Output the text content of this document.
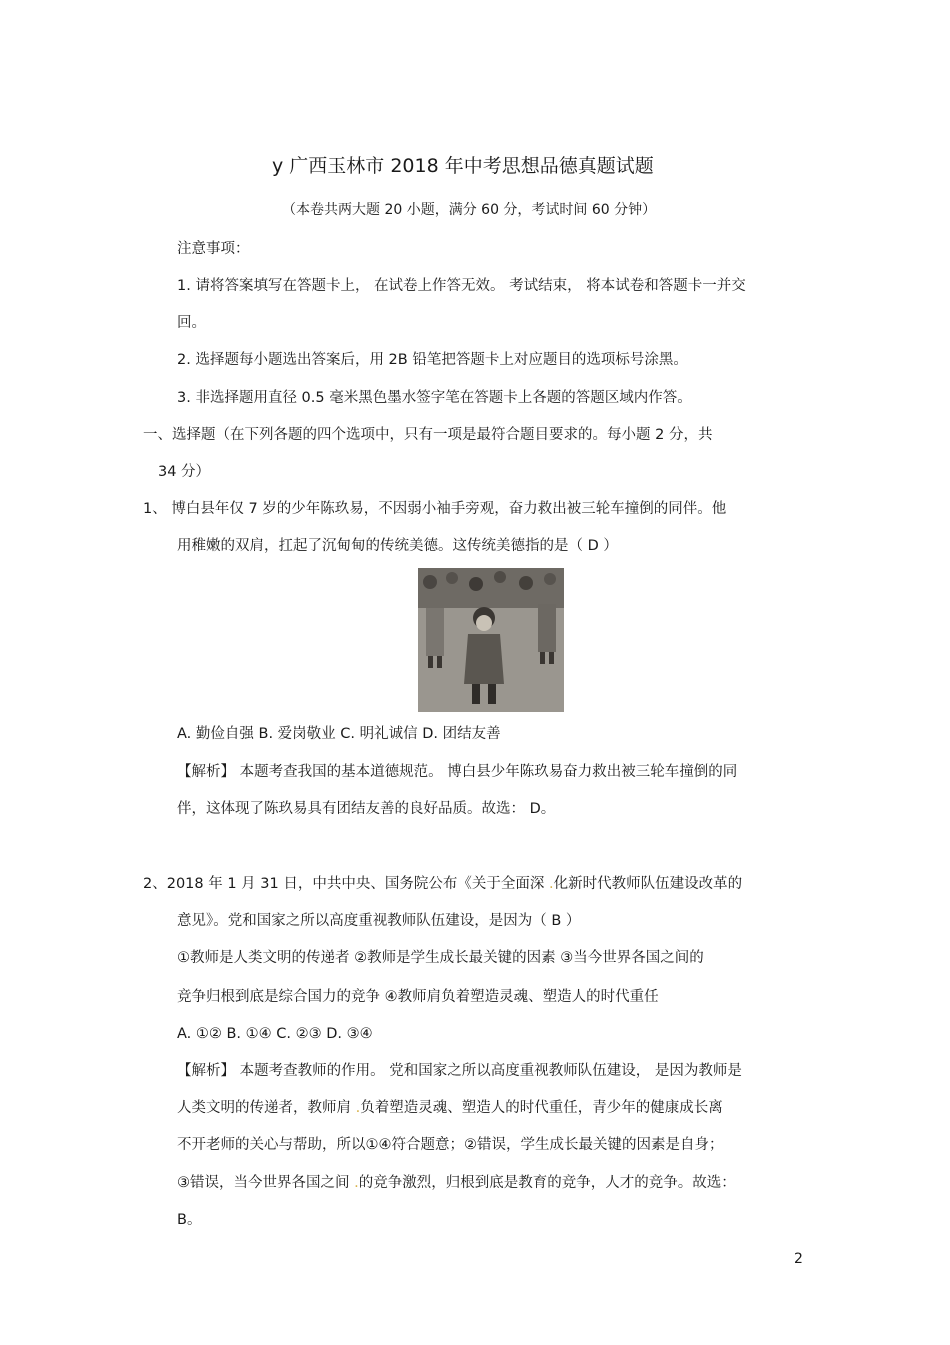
y 广西玉林市 2018 年中考思想品德真题试题
（本卷共两大题 20 小题，满分 60 分，考试时间 60 分钟）
注意事项：
1. 请将答案填写在答题卡上， 在试卷上作答无效。 考试结束， 将本试卷和答题卡一并交
回。
2. 选择题每小题选出答案后，用 2B 铅笔把答题卡上对应题目的选项标号涂黑。
3. 非选择题用直径 0.5 毫米黑色墨水签字笔在答题卡上各题的答题区域内作答。
一、选择题（在下列各题的四个选项中，只有一项是最符合题目要求的。每小题 2 分，共
34 分）
1、 博白县年仅 7 岁的少年陈玖易，不因弱小袖手旁观，奋力救出被三轮车撞倒的同伴。他
用稚嫩的双肩，扛起了沉甸甸的传统美德。这传统美德指的是（ D ）
A. 勤俭自强 B. 爱岗敬业 C. 明礼诚信 D. 团结友善
【解析】 本题考查我国的基本道德规范。 博白县少年陈玖易奋力救出被三轮车撞倒的同
伴，这体现了陈玖易具有团结友善的良好品质。故选： D。
2、2018 年 1 月 31 日，中共中央、国务院公布《关于全面深 .化新时代教师队伍建设改革的
意见》。党和国家之所以高度重视教师队伍建设，是因为（ B ）
①教师是人类文明的传递者 ②教师是学生成长最关键的因素 ③当今世界各国之间的
竞争归根到底是综合国力的竞争 ④教师肩负着塑造灵魂、塑造人的时代重任
A. ①② B. ①④ C. ②③ D. ③④
【解析】 本题考查教师的作用。 党和国家之所以高度重视教师队伍建设， 是因为教师是
人类文明的传递者，教师肩 .负着塑造灵魂、塑造人的时代重任，青少年的健康成长离
不开老师的关心与帮助，所以①④符合题意；②错误，学生成长最关键的因素是自身；
③错误，当今世界各国之间 .的竞争激烈，归根到底是教育的竞争，人才的竞争。故选：
B。
2
